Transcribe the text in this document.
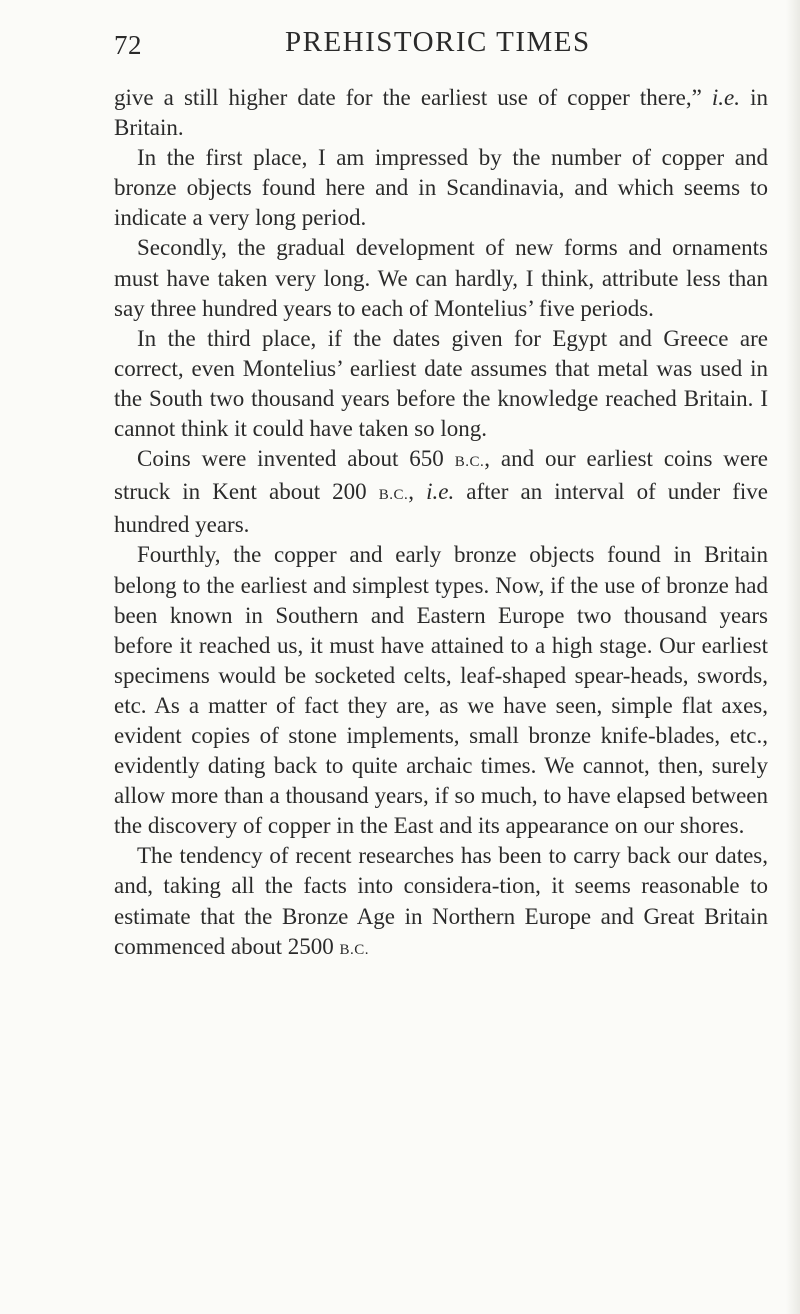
72	PREHISTORIC TIMES

give a still higher date for the earliest use of copper there,” i.e. in Britain.

In the first place, I am impressed by the number of copper and bronze objects found here and in Scandinavia, and which seems to indicate a very long period.

Secondly, the gradual development of new forms and ornaments must have taken very long. We can hardly, I think, attribute less than say three hundred years to each of Montelius’ five periods.

In the third place, if the dates given for Egypt and Greece are correct, even Montelius’ earliest date assumes that metal was used in the South two thousand years before the knowledge reached Britain. I cannot think it could have taken so long.

Coins were invented about 650 B.C., and our earliest coins were struck in Kent about 200 B.C., i.e. after an interval of under five hundred years.

Fourthly, the copper and early bronze objects found in Britain belong to the earliest and simplest types. Now, if the use of bronze had been known in Southern and Eastern Europe two thousand years before it reached us, it must have attained to a high stage. Our earliest specimens would be socketed celts, leaf-shaped spear-heads, swords, etc. As a matter of fact they are, as we have seen, simple flat axes, evident copies of stone implements, small bronze knife-blades, etc., evidently dating back to quite archaic times. We cannot, then, surely allow more than a thousand years, if so much, to have elapsed between the discovery of copper in the East and its appearance on our shores.

The tendency of recent researches has been to carry back our dates, and, taking all the facts into considera-tion, it seems reasonable to estimate that the Bronze Age in Northern Europe and Great Britain commenced about 2500 B.C.
